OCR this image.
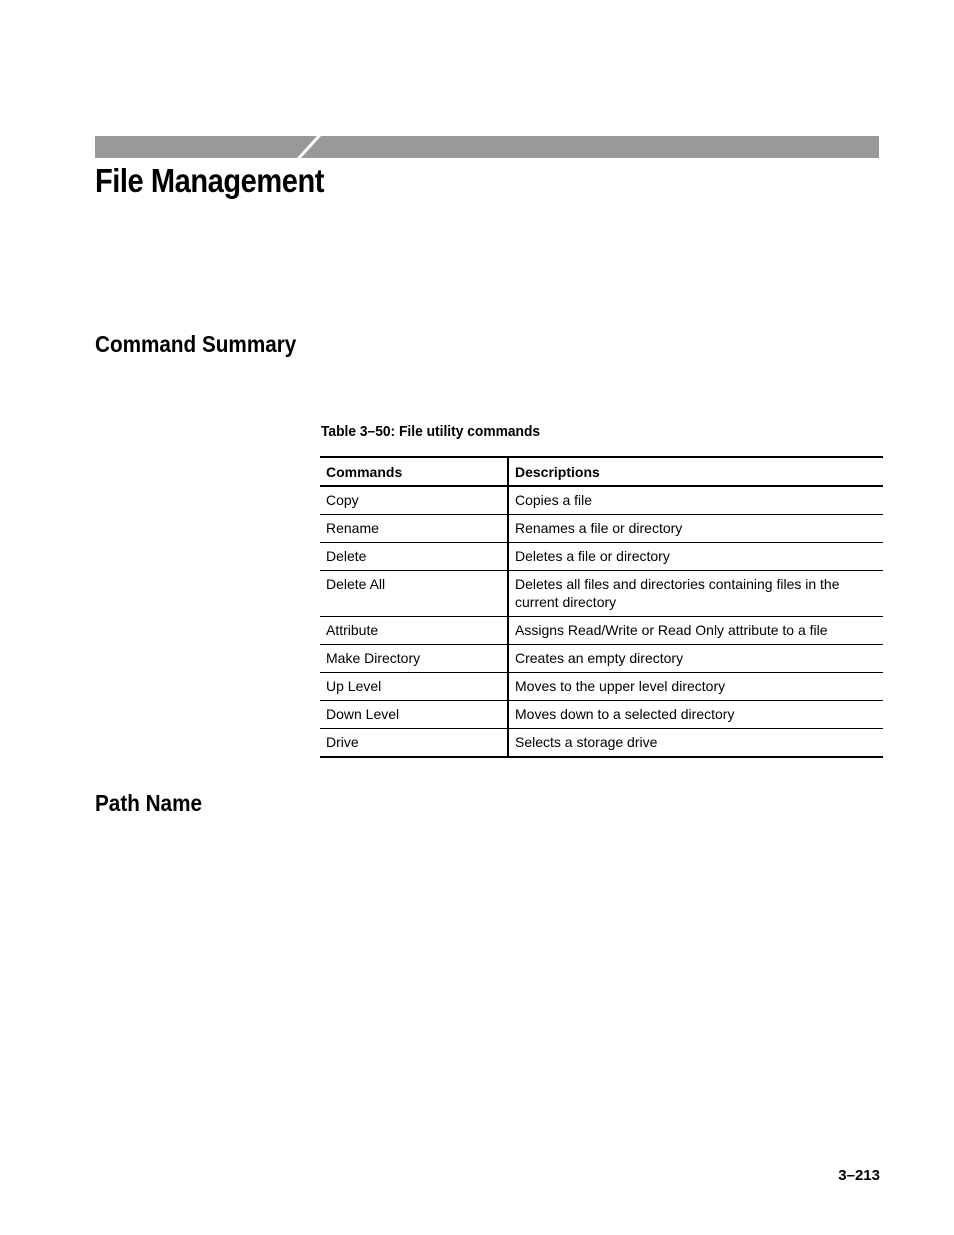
File Management
Command Summary

Table 3–50: File utility commands

Commands	Descriptions
Copy	Copies a file
Rename	Renames a file or directory
Delete	Deletes a file or directory
Delete All	Deletes all files and directories containing files in the current directory
Attribute	Assigns Read/Write or Read Only attribute to a file
Make Directory	Creates an empty directory
Up Level	Moves to the upper level directory
Down Level	Moves down to a selected directory
Drive	Selects a storage drive
Path Name
3–213
